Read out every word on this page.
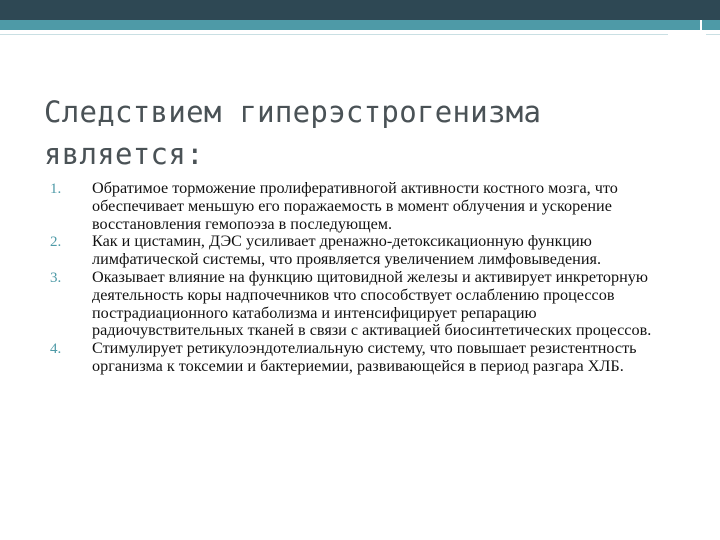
Следствием гиперэстрогенизма является:
1. Обратимое торможение пролиферативногой активности костного мозга, что обеспечивает меньшую его поражаемость в момент облучения и ускорение восстановления гемопоэза в последующем.
2. Как и цистамин, ДЭС усиливает дренажно-детоксикационную функцию лимфатической системы, что проявляется увеличением лимфовыведения.
3. Оказывает влияние на функцию щитовидной железы и активирует инкреторную деятельность коры надпочечников что способствует ослаблению процессов пострадиационного катаболизма и интенсифицирует репарацию радиочувствительных тканей в связи с активацией биосинтетических процессов.
4. Стимулирует ретикулоэндотелиальную систему, что повышает резистентность организма к токсемии и бактериемии, развивающейся в период разгара ХЛБ.
